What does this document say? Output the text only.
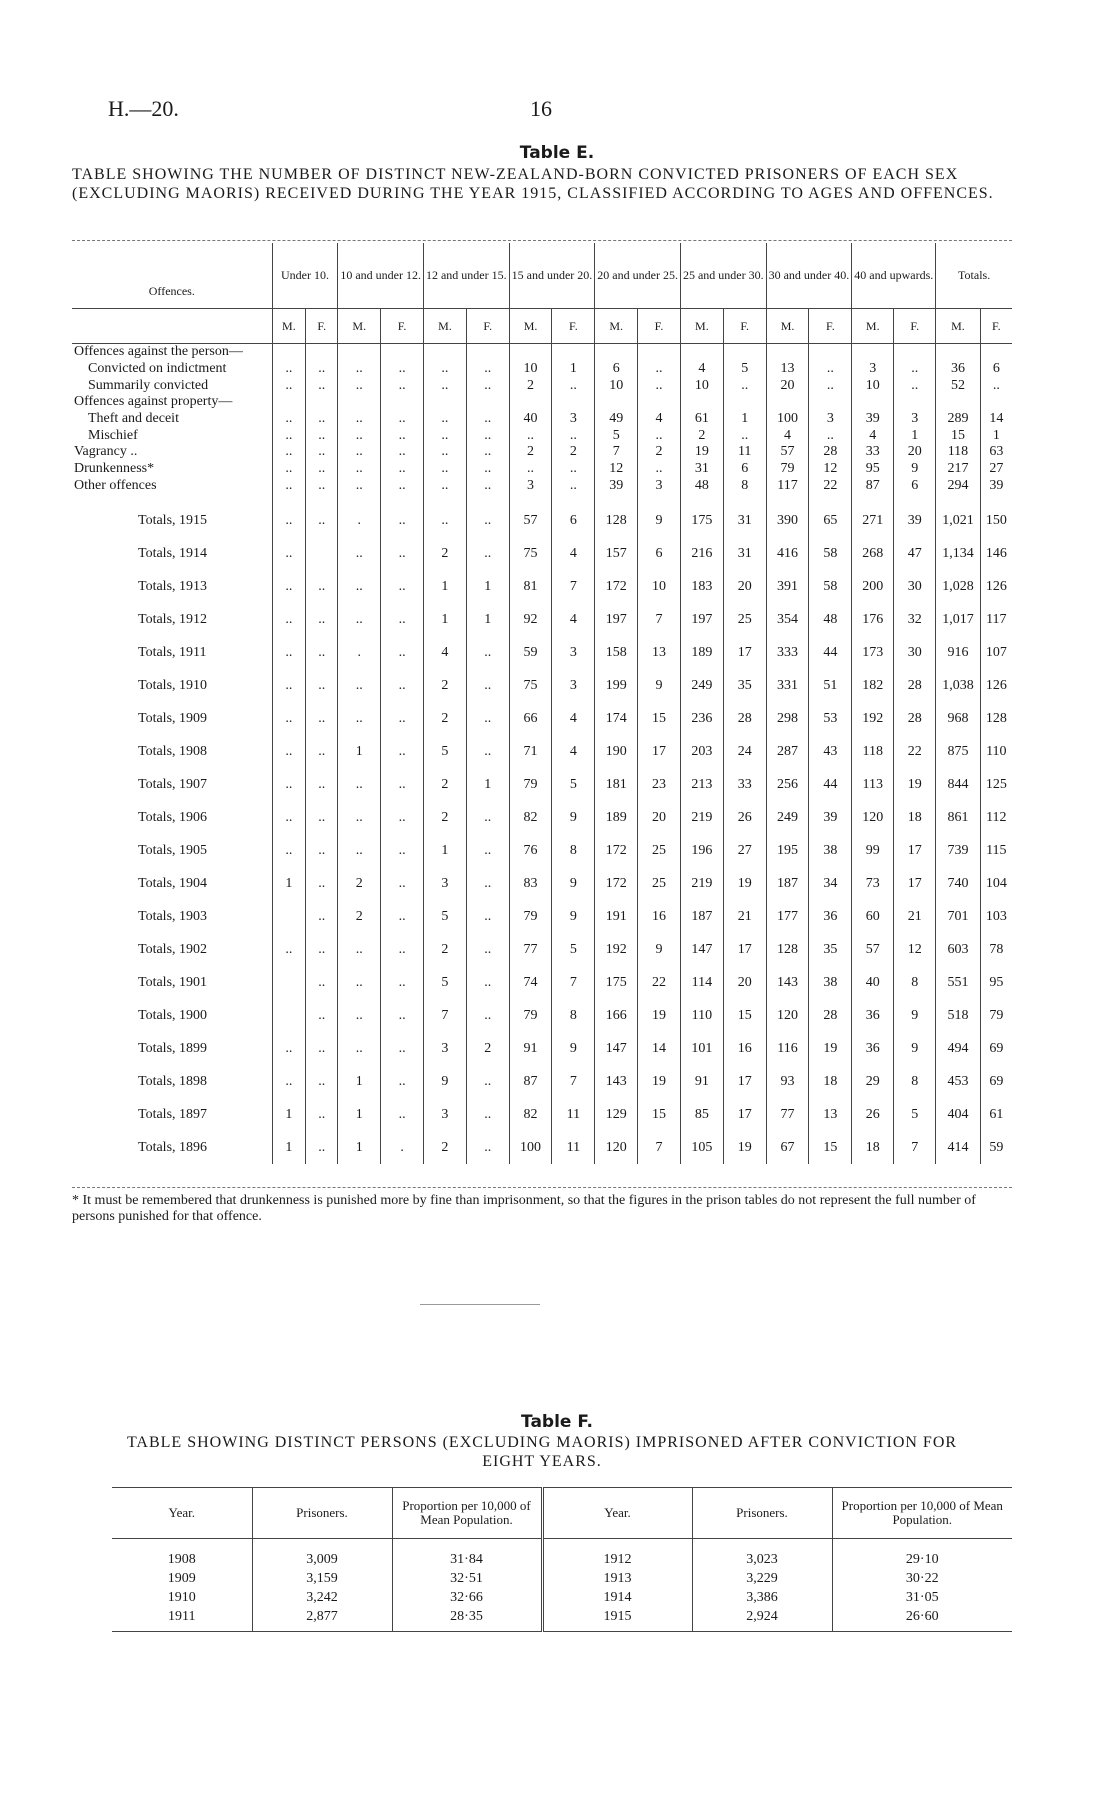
H.—20.	16
Table E.
TABLE SHOWING THE NUMBER OF DISTINCT NEW-ZEALAND-BORN CONVICTED PRISONERS OF EACH SEX (EXCLUDING MAORIS) RECEIVED DURING THE YEAR 1915, CLASSIFIED ACCORDING TO AGES AND OFFENCES.
Offences.	Under 10.		10 and under 12.		12 and under 15.		15 and under 20.		20 and under 25.		25 and under 30.		30 and under 40.		40 and upwards.		Totals.	
	M.	F.	M.	F.	M.	F.	M.	F.	M.	F.	M.	F.	M.	F.	M.	F.	M.	F.
Offences against the person—																		
Convicted on indictment	..	..	..	..	..	..	10	1	6	..	4	5	13	..	3	..	36	6
Summarily convicted	..	..	..	..	..	..	2	..	10	..	10	..	20	..	10	..	52	..
Offences against property—																		
Theft and deceit	..	..	..	..	..	..	40	3	49	4	61	1	100	3	39	3	289	14
Mischief	..	..	..	..	..	..	..	..	5	..	2	..	4	..	4	1	15	1
Vagrancy ..	..	..	..	..	..	..	2	2	7	2	19	11	57	28	33	20	118	63
Drunkenness*	..	..	..	..	..	..	..	..	12	..	31	6	79	12	95	9	217	27
Other offences	..	..	..	..	..	..	3	..	39	3	48	8	117	22	87	6	294	39

Totals, 1915	..	..	.	..	..	..	57	6	128	9	175	31	390	65	271	39	1,021	150
Totals, 1914	..		..	..	2	..	75	4	157	6	216	31	416	58	268	47	1,134	146
Totals, 1913	..	..	..	..	1	1	81	7	172	10	183	20	391	58	200	30	1,028	126
Totals, 1912	..	..	..	..	1	1	92	4	197	7	197	25	354	48	176	32	1,017	117
Totals, 1911	..	..	.	..	4	..	59	3	158	13	189	17	333	44	173	30	916	107
Totals, 1910	..	..	..	..	2	..	75	3	199	9	249	35	331	51	182	28	1,038	126
Totals, 1909	..	..	..	..	2	..	66	4	174	15	236	28	298	53	192	28	968	128
Totals, 1908	..	..	1	..	5	..	71	4	190	17	203	24	287	43	118	22	875	110
Totals, 1907	..	..	..	..	2	1	79	5	181	23	213	33	256	44	113	19	844	125
Totals, 1906	..	..	..	..	2	..	82	9	189	20	219	26	249	39	120	18	861	112
Totals, 1905	..	..	..	..	1	..	76	8	172	25	196	27	195	38	99	17	739	115
Totals, 1904	1	..	2	..	3	..	83	9	172	25	219	19	187	34	73	17	740	104
Totals, 1903		..	2	..	5	..	79	9	191	16	187	21	177	36	60	21	701	103
Totals, 1902	..	..	..	..	2	..	77	5	192	9	147	17	128	35	57	12	603	78
Totals, 1901		..	..	..	5	..	74	7	175	22	114	20	143	38	40	8	551	95
Totals, 1900		..	..	..	7	..	79	8	166	19	110	15	120	28	36	9	518	79
Totals, 1899	..	..	..	..	3	2	91	9	147	14	101	16	116	19	36	9	494	69
Totals, 1898	..	..	1	..	9	..	87	7	143	19	91	17	93	18	29	8	453	69
Totals, 1897	1	..	1	..	3	..	82	11	129	15	85	17	77	13	26	5	404	61
Totals, 1896	1	..	1	.	2	..	100	11	120	7	105	19	67	15	18	7	414	59
* It must be remembered that drunkenness is punished more by fine than imprisonment, so that the figures in the prison tables do not represent the full number of persons punished for that offence.
Table F.
TABLE SHOWING DISTINCT PERSONS (EXCLUDING MAORIS) IMPRISONED AFTER CONVICTION FOR
EIGHT YEARS.
Year.	Prisoners.	Proportion per 10,000 of Mean Population.	Year.	Prisoners.	Proportion per 10,000 of Mean Population.
1908	3,009	31·84	1912	3,023	29·10
1909	3,159	32·51	1913	3,229	30·22
1910	3,242	32·66	1914	3,386	31·05
1911	2,877	28·35	1915	2,924	26·60
